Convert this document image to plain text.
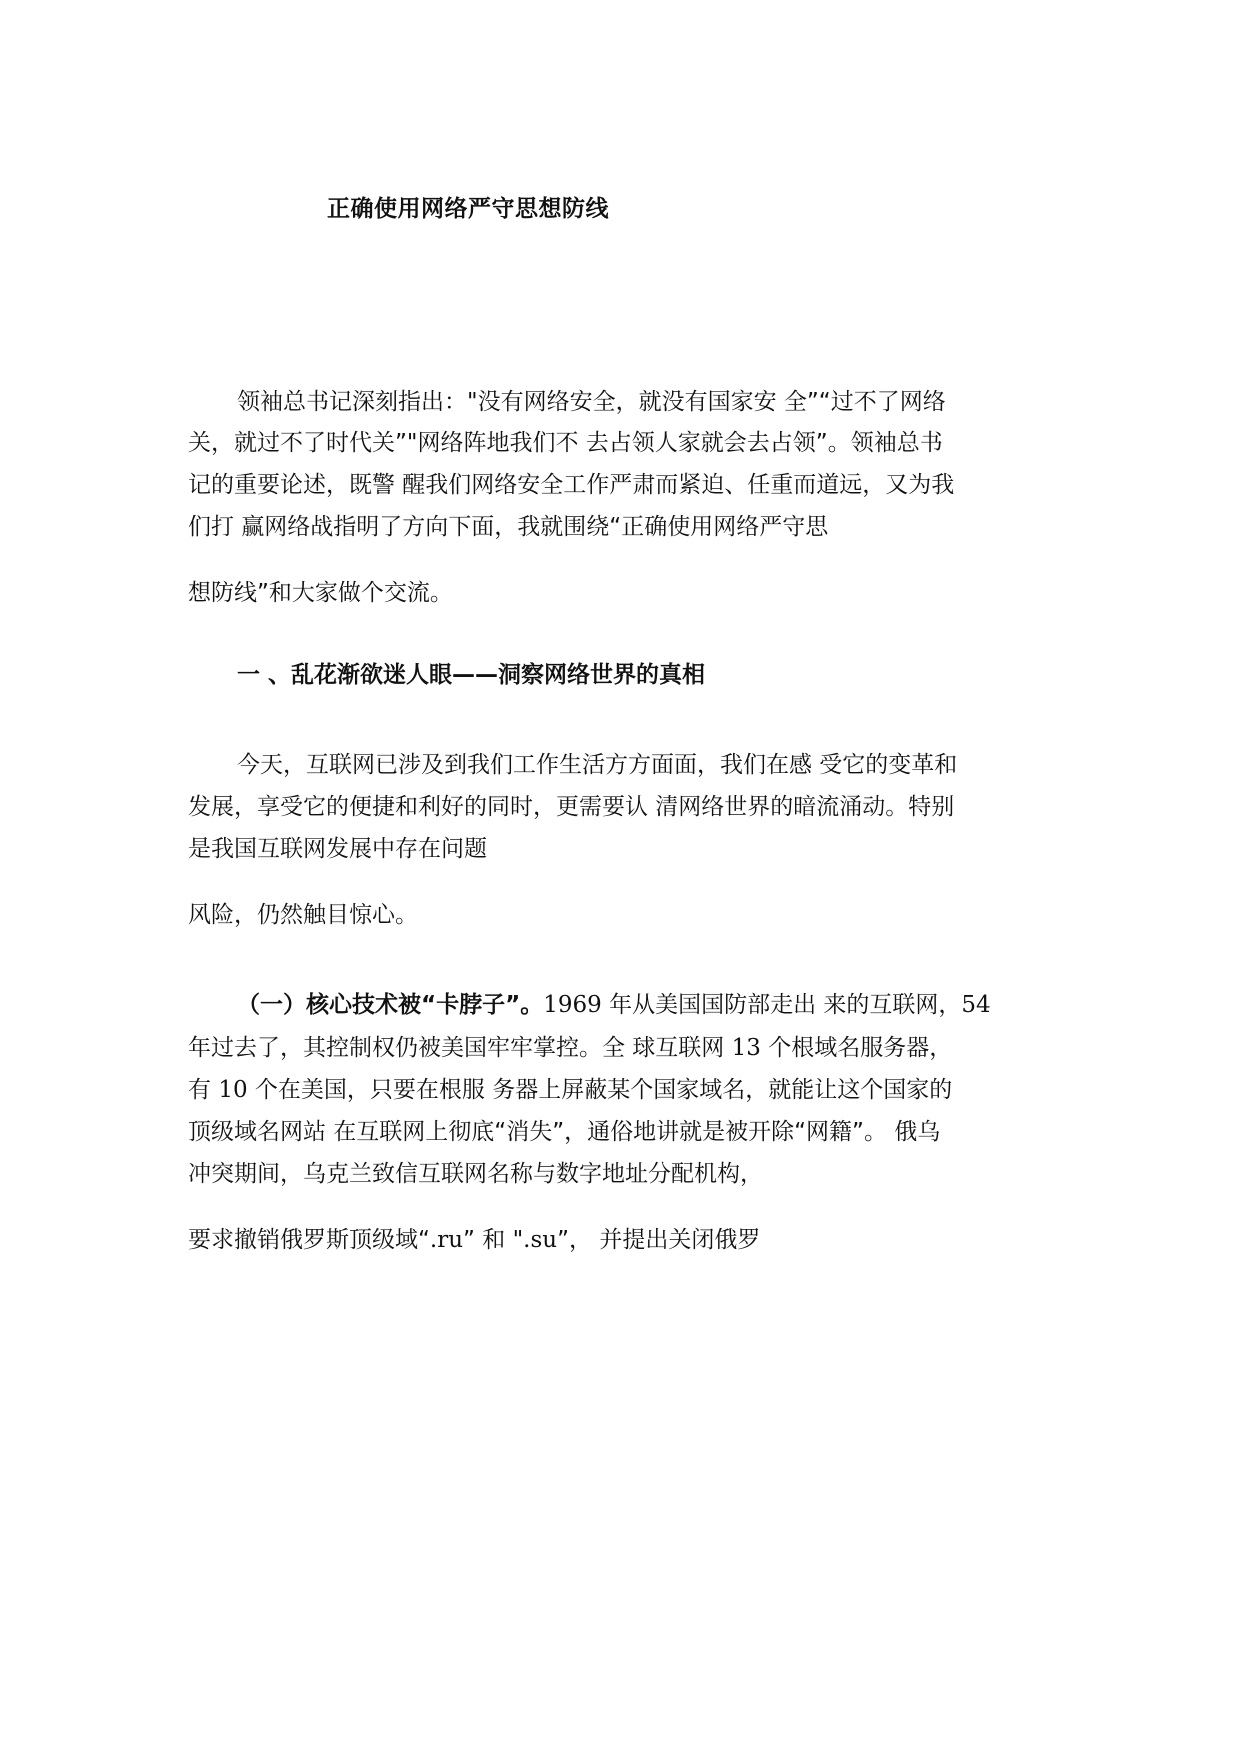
正确使用网络严守思想防线
领袖总书记深刻指出："没有网络安全，就没有国家安 全”“过不了网络
关，就过不了时代关”"网络阵地我们不 去占领人家就会去占领”。领袖总书
记的重要论述，既警 醒我们网络安全工作严肃而紧迫、任重而道远，又为我
们打 赢网络战指明了方向下面，我就围绕“正确使用网络严守思
想防线”和大家做个交流。
一 、乱花渐欲迷人眼——洞察网络世界的真相
今天，互联网已涉及到我们工作生活方方面面，我们在感 受它的变革和
发展，享受它的便捷和利好的同时，更需要认 清网络世界的暗流涌动。特别
是我国互联网发展中存在问题
风险，仍然触目惊心。
（一）核心技术被“卡脖子”。1969 年从美国国防部走出 来的互联网，54
年过去了，其控制权仍被美国牢牢掌控。全 球互联网 13 个根域名服务器，
有 10 个在美国，只要在根服 务器上屏蔽某个国家域名，就能让这个国家的
顶级域名网站 在互联网上彻底“消失”，通俗地讲就是被开除“网籍”。 俄乌
冲突期间，乌克兰致信互联网名称与数字地址分配机构，
要求撤销俄罗斯顶级域“.ru” 和 ".su”， 并提出关闭俄罗
